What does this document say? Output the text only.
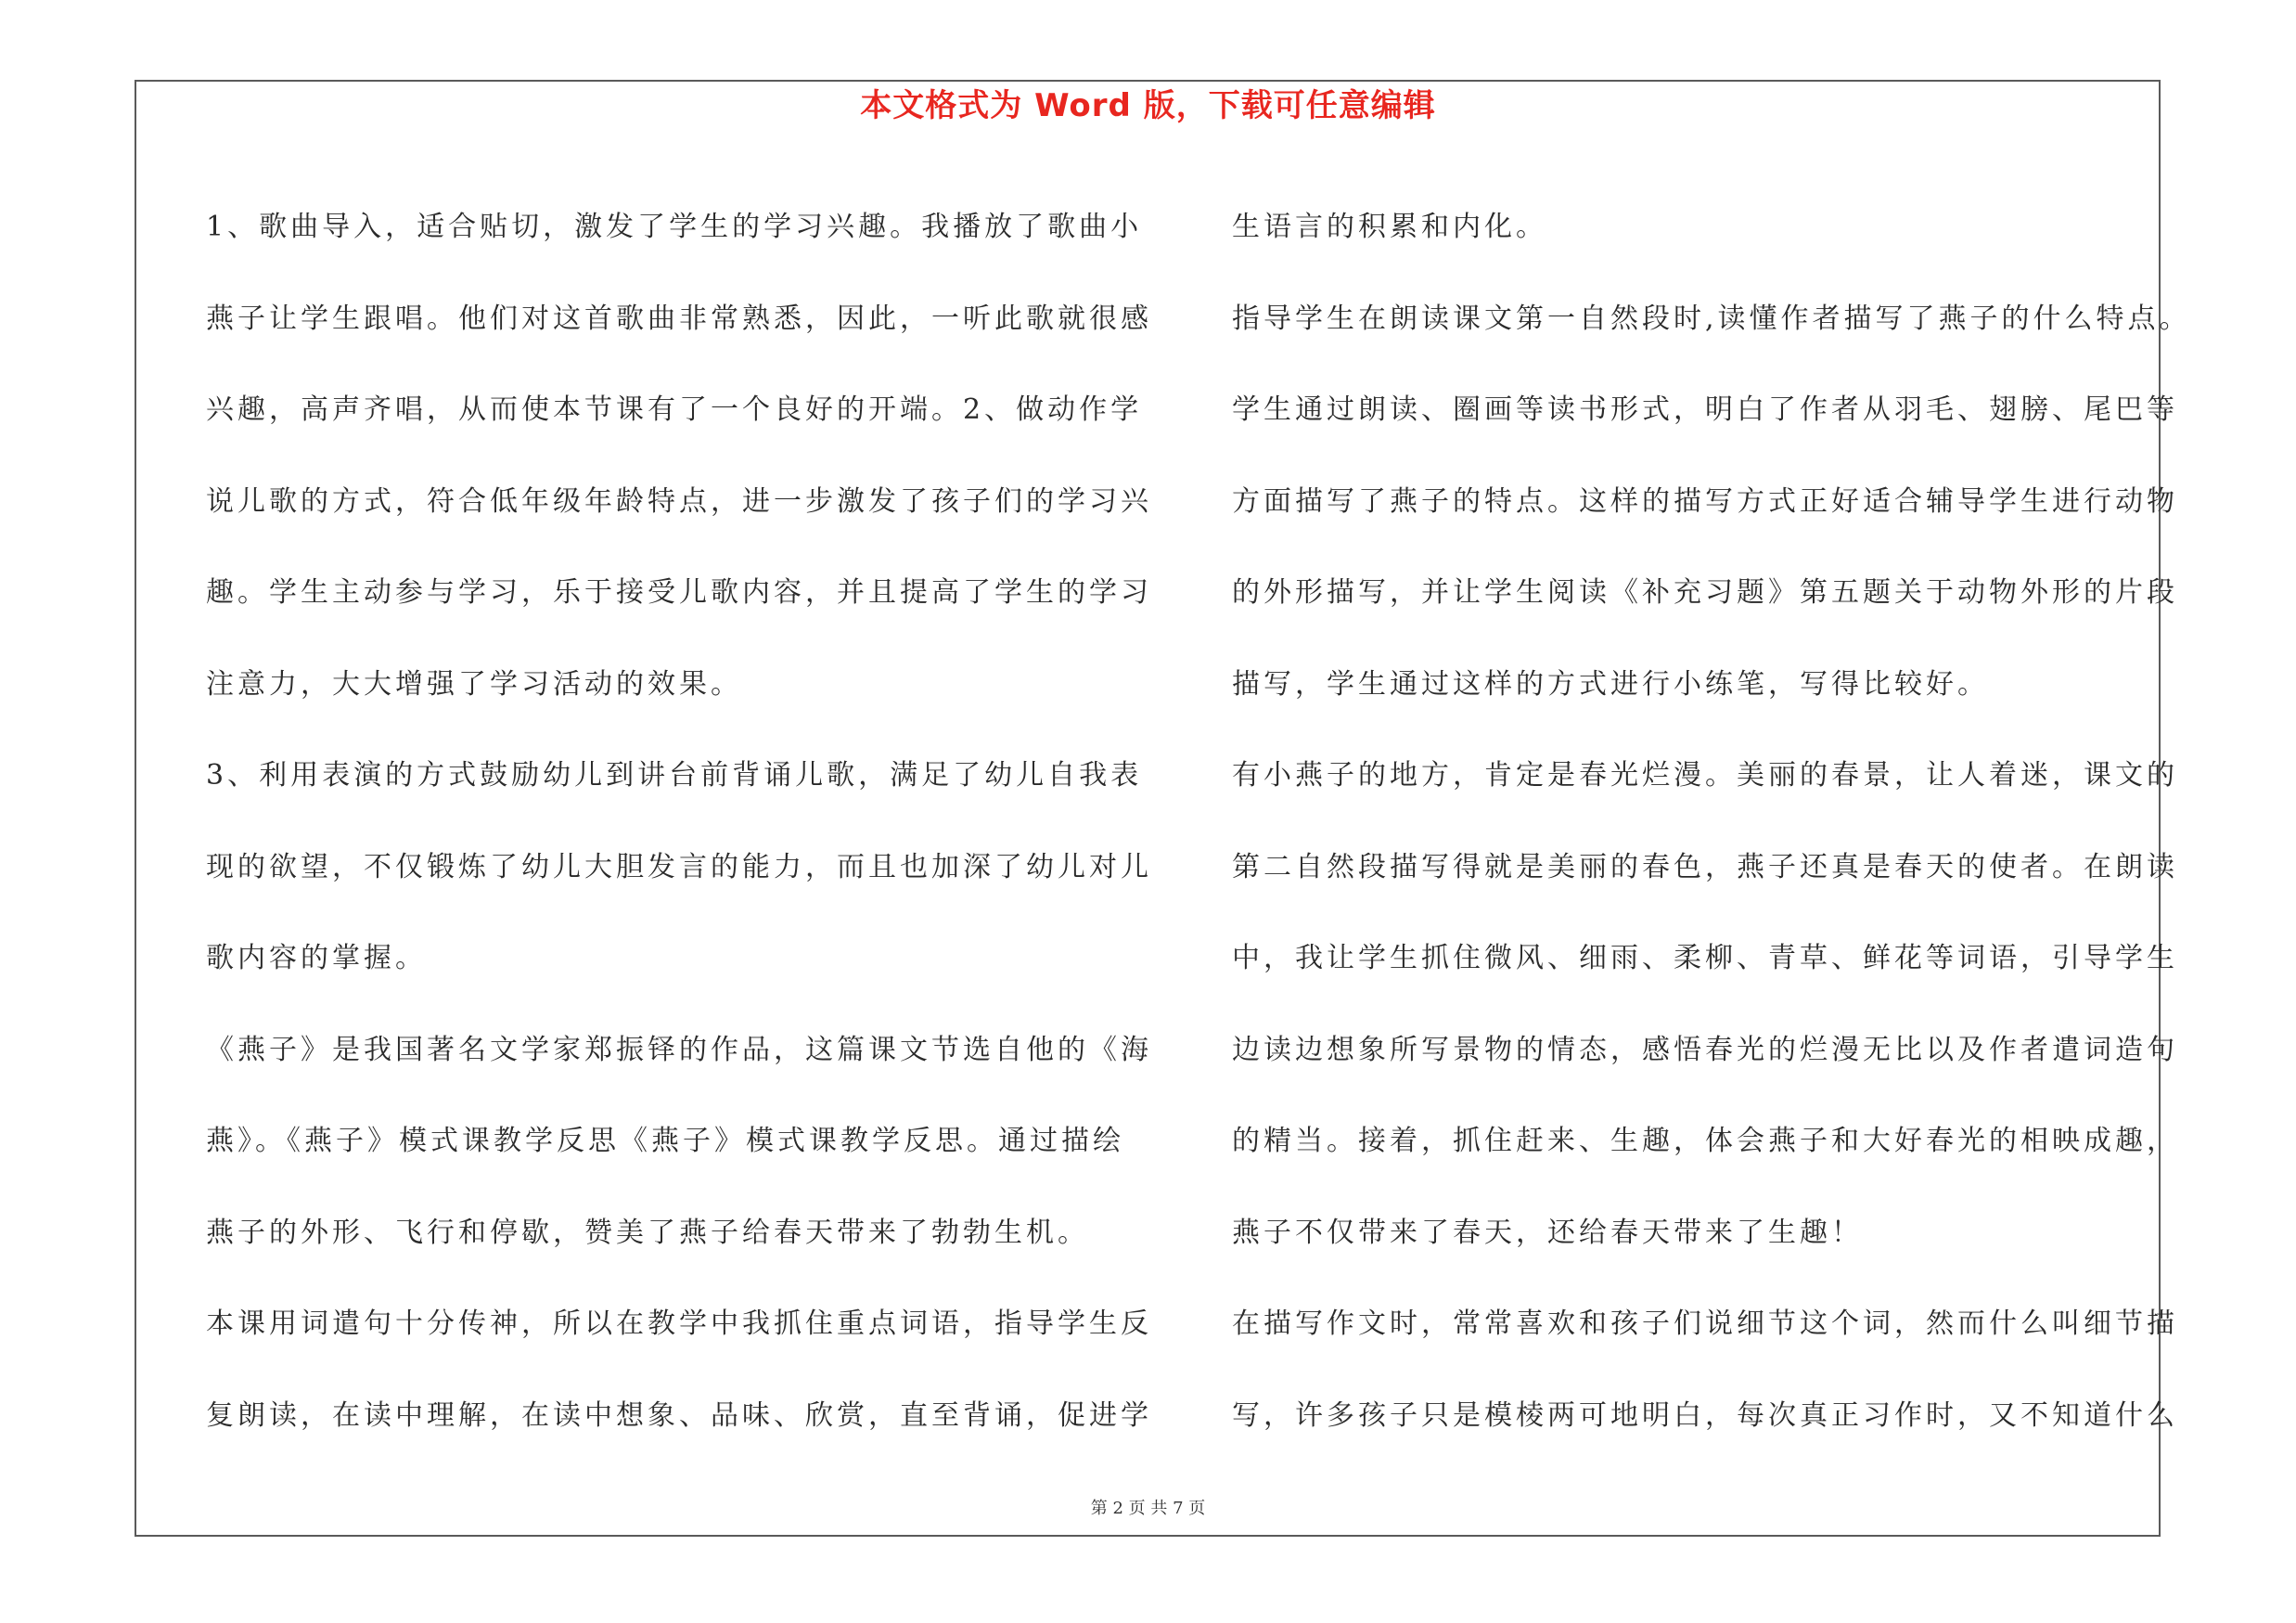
本文格式为 Word 版，下载可任意编辑
1、歌曲导入，适合贴切，激发了学生的学习兴趣。我播放了歌曲小
燕子让学生跟唱。他们对这首歌曲非常熟悉，因此，一听此歌就很感
兴趣，高声齐唱，从而使本节课有了一个良好的开端。2、做动作学
说儿歌的方式，符合低年级年龄特点，进一步激发了孩子们的学习兴
趣。学生主动参与学习，乐于接受儿歌内容，并且提高了学生的学习
注意力，大大增强了学习活动的效果。
3、利用表演的方式鼓励幼儿到讲台前背诵儿歌，满足了幼儿自我表
现的欲望，不仅锻炼了幼儿大胆发言的能力，而且也加深了幼儿对儿
歌内容的掌握。
《燕子》是我国著名文学家郑振铎的作品，这篇课文节选自他的《海
燕》。《燕子》模式课教学反思《燕子》模式课教学反思。通过描绘
燕子的外形、飞行和停歇，赞美了燕子给春天带来了勃勃生机。
本课用词遣句十分传神，所以在教学中我抓住重点词语，指导学生反
复朗读，在读中理解，在读中想象、品味、欣赏，直至背诵，促进学
生语言的积累和内化。
指导学生在朗读课文第一自然段时,读懂作者描写了燕子的什么特点。
学生通过朗读、圈画等读书形式，明白了作者从羽毛、翅膀、尾巴等
方面描写了燕子的特点。这样的描写方式正好适合辅导学生进行动物
的外形描写，并让学生阅读《补充习题》第五题关于动物外形的片段
描写，学生通过这样的方式进行小练笔，写得比较好。
有小燕子的地方，肯定是春光烂漫。美丽的春景，让人着迷，课文的
第二自然段描写得就是美丽的春色，燕子还真是春天的使者。在朗读
中，我让学生抓住微风、细雨、柔柳、青草、鲜花等词语，引导学生
边读边想象所写景物的情态，感悟春光的烂漫无比以及作者遣词造句
的精当。接着，抓住赶来、生趣，体会燕子和大好春光的相映成趣，
燕子不仅带来了春天，还给春天带来了生趣！
在描写作文时，常常喜欢和孩子们说细节这个词，然而什么叫细节描
写，许多孩子只是模棱两可地明白，每次真正习作时，又不知道什么
第 2 页 共 7 页
